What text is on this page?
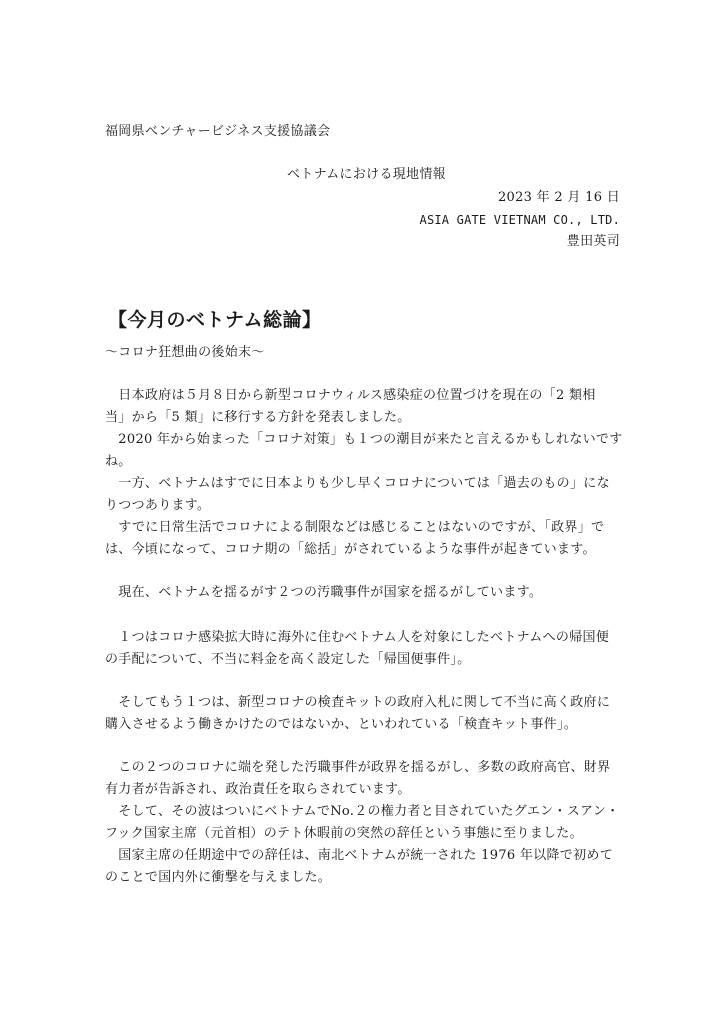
福岡県ベンチャービジネス支援協議会
ベトナムにおける現地情報
2023 年 2 月 16 日
ASIA GATE VIETNAM CO., LTD.
豊田英司
【今月のベトナム総論】
～コロナ狂想曲の後始末～
　日本政府は５月８日から新型コロナウィルス感染症の位置づけを現在の「2 類相
当」から「5 類」に移行する方針を発表しました。
　2020 年から始まった「コロナ対策」も１つの潮目が来たと言えるかもしれないです
ね。
　一方、ベトナムはすでに日本よりも少し早くコロナについては「過去のもの」にな
りつつあります。
　すでに日常生活でコロナによる制限などは感じることはないのですが、「政界」で
は、今頃になって、コロナ期の「総括」がされているような事件が起きています。
　現在、ベトナムを揺るがす２つの汚職事件が国家を揺るがしています。
　１つはコロナ感染拡大時に海外に住むベトナム人を対象にしたベトナムへの帰国便
の手配について、不当に料金を高く設定した「帰国便事件」。
　そしてもう１つは、新型コロナの検査キットの政府入札に関して不当に高く政府に
購入させるよう働きかけたのではないか、といわれている「検査キット事件」。
　この２つのコロナに端を発した汚職事件が政界を揺るがし、多数の政府高官、財界
有力者が告訴され、政治責任を取らされています。
　そして、その波はついにベトナムでNo.２の権力者と目されていたグエン・スアン・
フック国家主席（元首相）のテト休暇前の突然の辞任という事態に至りました。
　国家主席の任期途中での辞任は、南北ベトナムが統一された 1976 年以降で初めて
のことで国内外に衝撃を与えました。
